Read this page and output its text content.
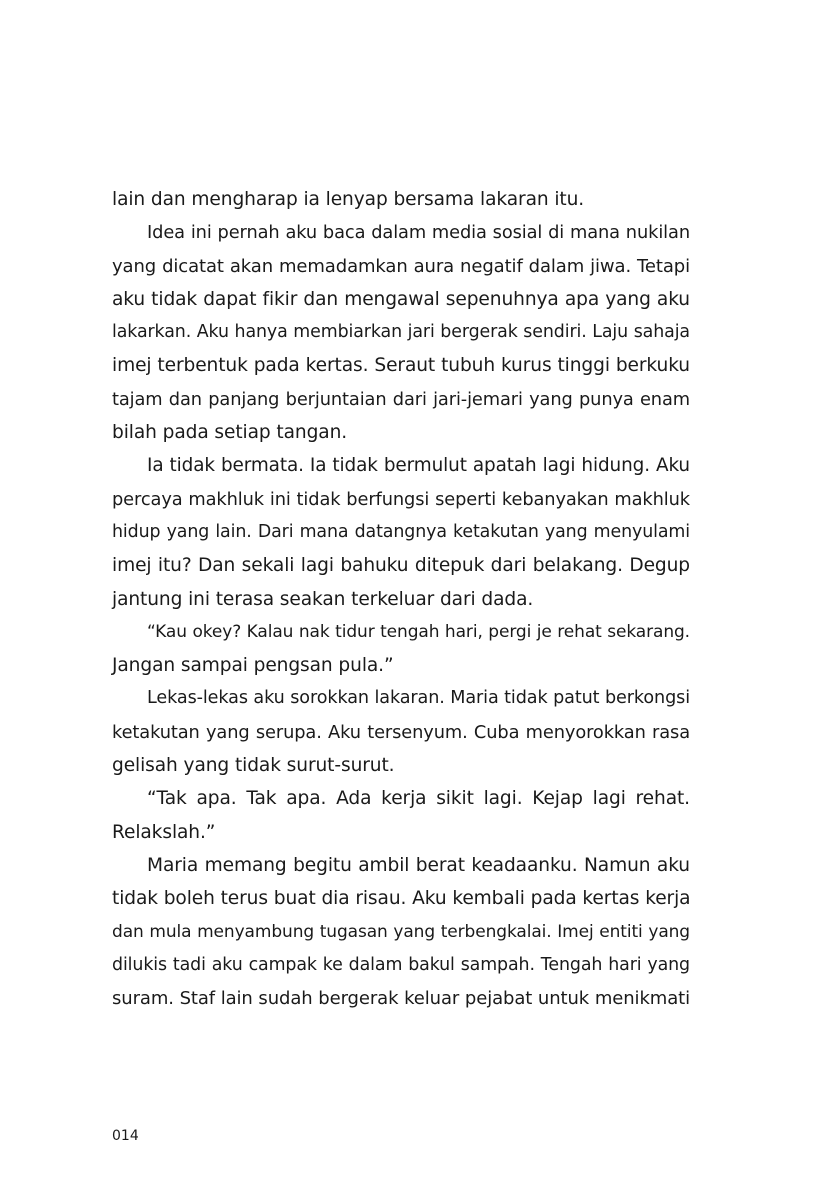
lain dan mengharap ia lenyap bersama lakaran itu.
Idea ini pernah aku baca dalam media sosial di mana nukilan
yang dicatat akan memadamkan aura negatif dalam jiwa. Tetapi
aku tidak dapat fikir dan mengawal sepenuhnya apa yang aku
lakarkan. Aku hanya membiarkan jari bergerak sendiri. Laju sahaja
imej terbentuk pada kertas. Seraut tubuh kurus tinggi berkuku
tajam dan panjang berjuntaian dari jari-jemari yang punya enam
bilah pada setiap tangan.
Ia tidak bermata. Ia tidak bermulut apatah lagi hidung. Aku
percaya makhluk ini tidak berfungsi seperti kebanyakan makhluk
hidup yang lain. Dari mana datangnya ketakutan yang menyulami
imej itu? Dan sekali lagi bahuku ditepuk dari belakang. Degup
jantung ini terasa seakan terkeluar dari dada.
“Kau okey? Kalau nak tidur tengah hari, pergi je rehat sekarang.
Jangan sampai pengsan pula.”
Lekas-lekas aku sorokkan lakaran. Maria tidak patut berkongsi
ketakutan yang serupa. Aku tersenyum. Cuba menyorokkan rasa
gelisah yang tidak surut-surut.
“Tak apa. Tak apa. Ada kerja sikit lagi. Kejap lagi rehat.
Relakslah.”
Maria memang begitu ambil berat keadaanku. Namun aku
tidak boleh terus buat dia risau. Aku kembali pada kertas kerja
dan mula menyambung tugasan yang terbengkalai. Imej entiti yang
dilukis tadi aku campak ke dalam bakul sampah. Tengah hari yang
suram. Staf lain sudah bergerak keluar pejabat untuk menikmati
014
